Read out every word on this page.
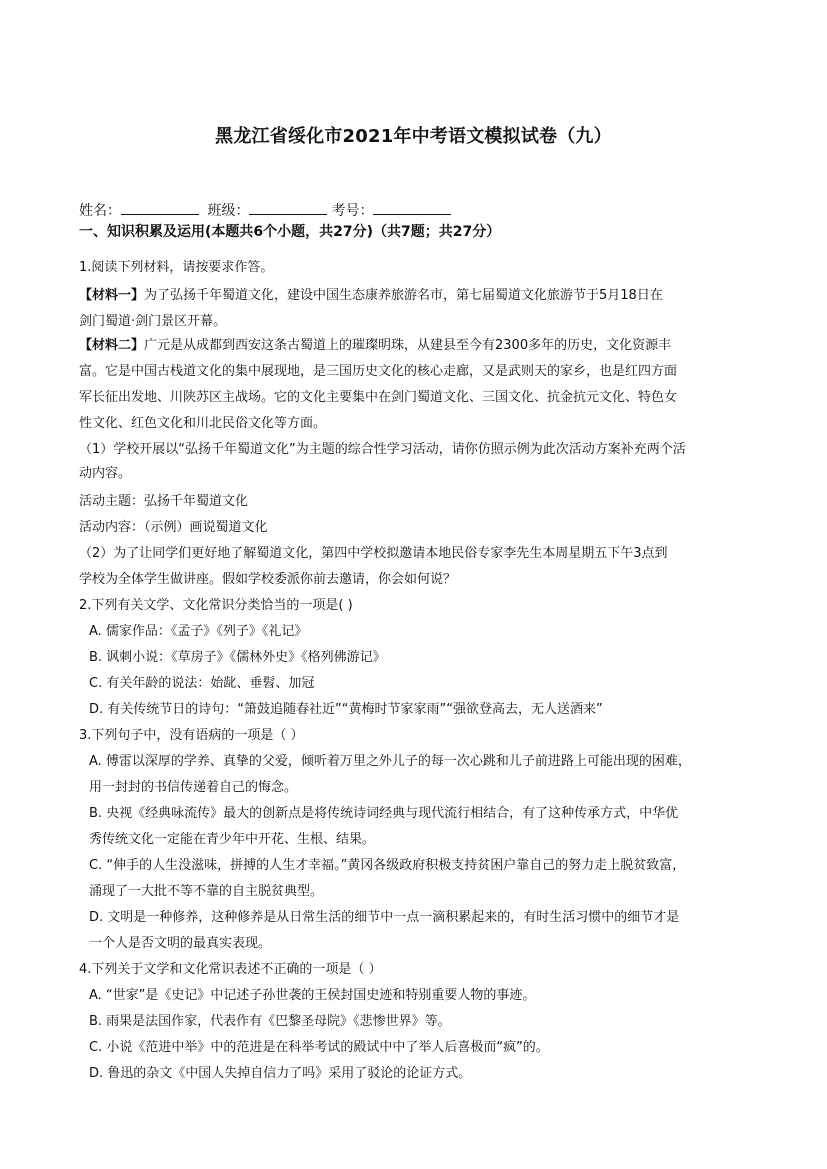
黑龙江省绥化市2021年中考语文模拟试卷（九）
姓名：	班级：	考号：
一、知识积累及运用(本题共6个小题，共27分)（共7题；共27分）
1.阅读下列材料，请按要求作答。
【材料一】为了弘扬千年蜀道文化，建设中国生态康养旅游名市，第七届蜀道文化旅游节于5月18日在
剑门蜀道·剑门景区开幕。
【材料二】广元是从成都到西安这条古蜀道上的璀璨明珠，从建县至今有2300多年的历史，文化资源丰
富。它是中国古栈道文化的集中展现地，是三国历史文化的核心走廊，又是武则天的家乡，也是红四方面
军长征出发地、川陕苏区主战场。它的文化主要集中在剑门蜀道文化、三国文化、抗金抗元文化、特色女
性文化、红色文化和川北民俗文化等方面。
（1）学校开展以“弘扬千年蜀道文化”为主题的综合性学习活动，请你仿照示例为此次活动方案补充两个活
动内容。
活动主题：弘扬千年蜀道文化
活动内容：（示例）画说蜀道文化
（2）为了让同学们更好地了解蜀道文化，第四中学校拟邀请本地民俗专家李先生本周星期五下午3点到
学校为全体学生做讲座。假如学校委派你前去邀请，你会如何说？
2.下列有关文学、文化常识分类恰当的一项是( )
A. 儒家作品：《孟子》《列子》《礼记》
B. 讽刺小说：《草房子》《儒林外史》《格列佛游记》
C. 有关年龄的说法：始龀、垂髫、加冠
D. 有关传统节日的诗句：“箫鼓追随春社近”“黄梅时节家家雨”“强欲登高去，无人送酒来”
3.下列句子中，没有语病的一项是（ ）
A. 傅雷以深厚的学养、真挚的父爱，倾听着万里之外儿子的每一次心跳和儿子前进路上可能出现的困难，
用一封封的书信传递着自己的悔念。
B. 央视《经典咏流传》最大的创新点是将传统诗词经典与现代流行相结合，有了这种传承方式，中华优
秀传统文化一定能在青少年中开花、生根、结果。
C. “伸手的人生没滋味，拼搏的人生才幸福。”黄冈各级政府积极支持贫困户靠自己的努力走上脱贫致富，
涌现了一大批不等不靠的自主脱贫典型。
D. 文明是一种修养，这种修养是从日常生活的细节中一点一滴积累起来的，有时生活习惯中的细节才是
一个人是否文明的最真实表现。
4.下列关于文学和文化常识表述不正确的一项是（ ）
A. “世家”是《史记》中记述子孙世袭的王侯封国史迹和特别重要人物的事迹。
B. 雨果是法国作家，代表作有《巴黎圣母院》《悲惨世界》等。
C. 小说《范进中举》中的范进是在科举考试的殿试中中了举人后喜极而“疯”的。
D. 鲁迅的杂文《中国人失掉自信力了吗》采用了驳论的论证方式。
